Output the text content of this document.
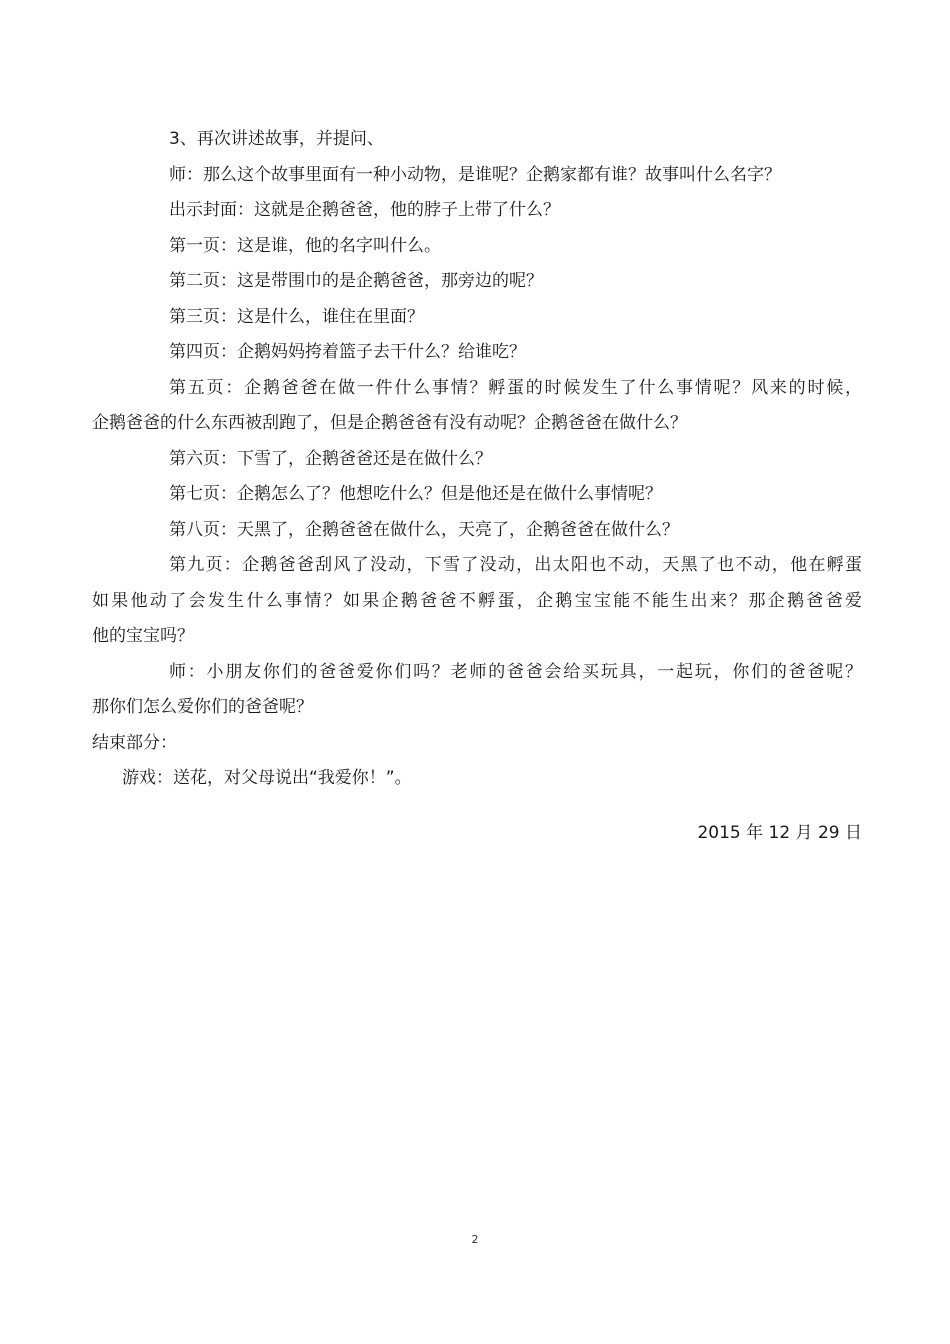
3、再次讲述故事，并提问、

师：那么这个故事里面有一种小动物，是谁呢？企鹅家都有谁？故事叫什么名字？

出示封面：这就是企鹅爸爸，他的脖子上带了什么？

第一页：这是谁，他的名字叫什么。

第二页：这是带围巾的是企鹅爸爸，那旁边的呢？

第三页：这是什么，谁住在里面？

第四页：企鹅妈妈挎着篮子去干什么？给谁吃？

第五页：企鹅爸爸在做一件什么事情？孵蛋的时候发生了什么事情呢？风来的时候，

企鹅爸爸的什么东西被刮跑了，但是企鹅爸爸有没有动呢？企鹅爸爸在做什么？

第六页：下雪了，企鹅爸爸还是在做什么？

第七页：企鹅怎么了？他想吃什么？但是他还是在做什么事情呢？

第八页：天黑了，企鹅爸爸在做什么，天亮了，企鹅爸爸在做什么？

第九页：企鹅爸爸刮风了没动，下雪了没动，出太阳也不动，天黑了也不动，他在孵蛋

如果他动了会发生什么事情？如果企鹅爸爸不孵蛋，企鹅宝宝能不能生出来？那企鹅爸爸爱

他的宝宝吗？

师：小朋友你们的爸爸爱你们吗？老师的爸爸会给买玩具，一起玩，你们的爸爸呢？

那你们怎么爱你们的爸爸呢？

结束部分：

游戏：送花，对父母说出“我爱你！”。

2015 年 12 月 29 日

2
